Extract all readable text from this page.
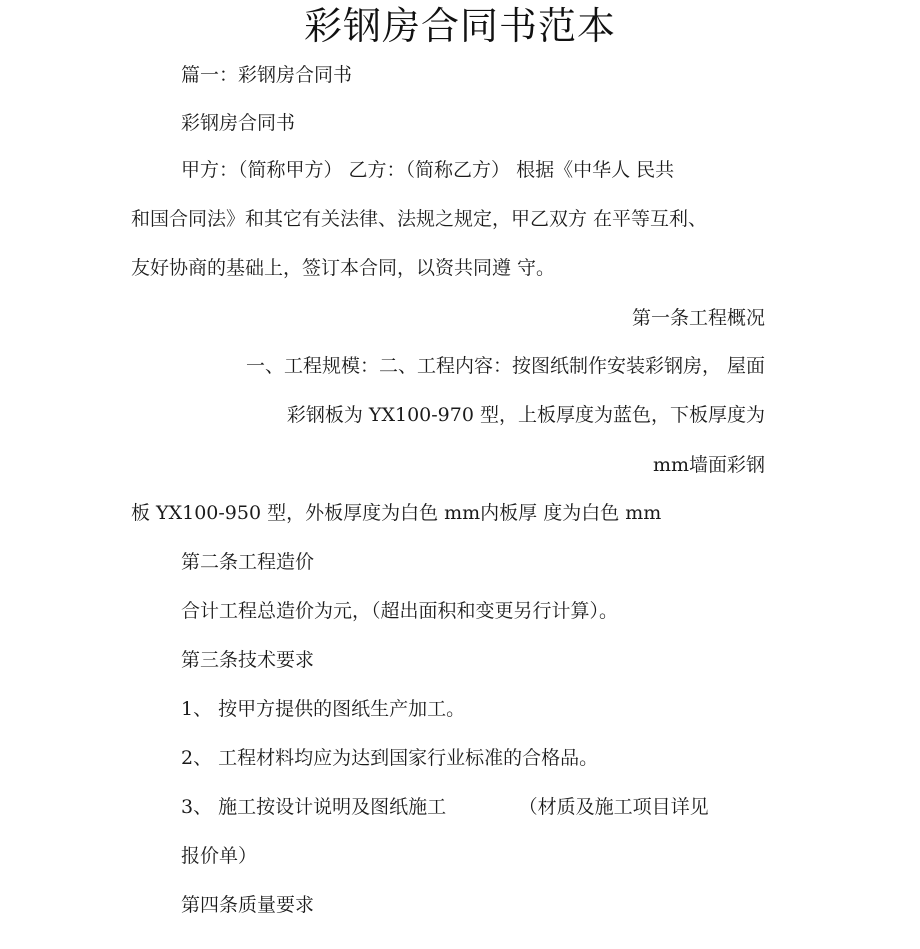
彩钢房合同书范本
篇一：彩钢房合同书
彩钢房合同书
甲方：（简称甲方） 乙方：（简称乙方） 根据《中华人 民共
和国合同法》和其它有关法律、法规之规定，甲乙双方 在平等互利、
友好协商的基础上，签订本合同，以资共同遵 守。
第一条工程概况
一、工程规模：二、工程内容：按图纸制作安装彩钢房， 屋面
彩钢板为 YX100-970 型，上板厚度为蓝色，下板厚度为
mm墙面彩钢
板 YX100-950 型，外板厚度为白色 mm内板厚 度为白色 mm
第二条工程造价
合计工程总造价为元，（超出面积和变更另行计算）。
第三条技术要求
1、 按甲方提供的图纸生产加工。
2、 工程材料均应为达到国家行业标准的合格品。
3、 施工按设计说明及图纸施工            （材质及施工项目详见
报价单）
第四条质量要求
